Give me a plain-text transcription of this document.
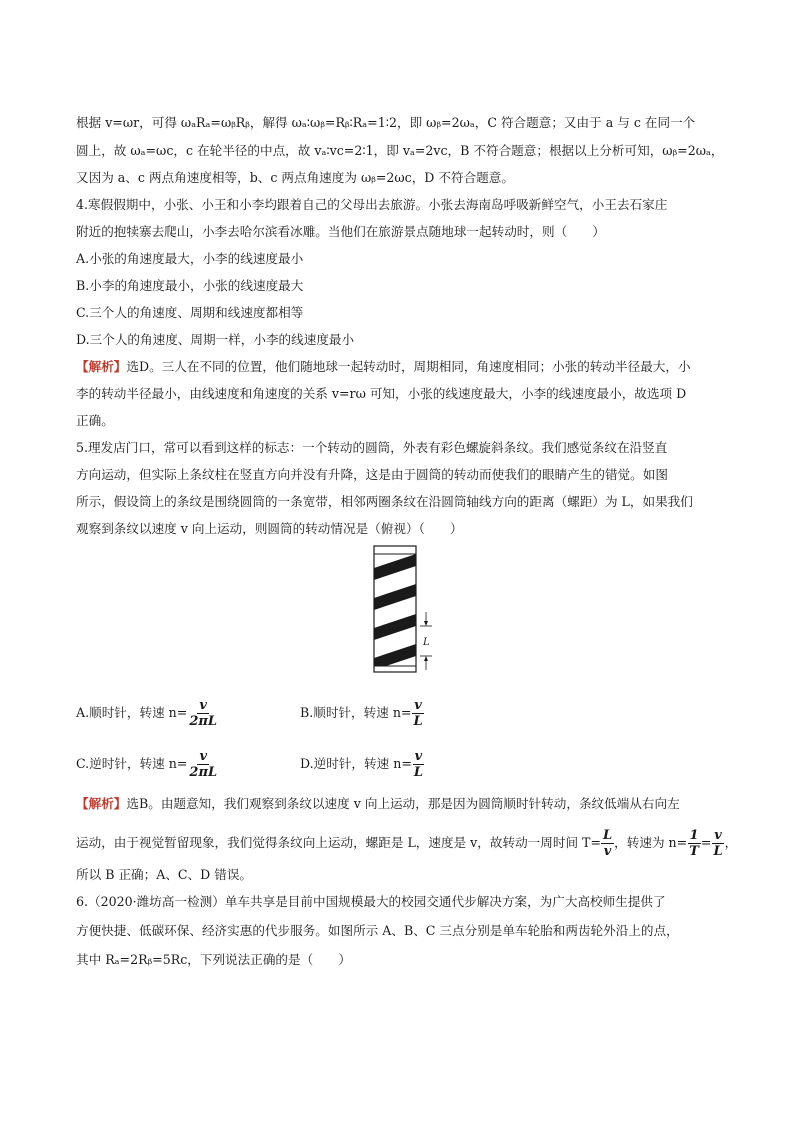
根据 v=ωr，可得 ωₐRₐ=ωᵦRᵦ，解得 ωₐ∶ωᵦ=Rᵦ∶Rₐ=1∶2，即 ωᵦ=2ωₐ，C 符合题意；又由于 a 与 c 在同一个
圆上，故 ωₐ=ωc，c 在轮半径的中点，故 vₐ∶vc=2∶1，即 vₐ=2vc，B 不符合题意；根据以上分析可知，ωᵦ=2ωₐ，
又因为 a、c 两点角速度相等，b、c 两点角速度为 ωᵦ=2ωc，D 不符合题意。
4.寒假假期中，小张、小王和小李均跟着自己的父母出去旅游。小张去海南岛呼吸新鲜空气，小王去石家庄
附近的抱犊寨去爬山，小李去哈尔滨看冰雕。当他们在旅游景点随地球一起转动时，则（　　）
A.小张的角速度最大，小李的线速度最小
B.小李的角速度最小，小张的线速度最大
C.三个人的角速度、周期和线速度都相等
D.三个人的角速度、周期一样，小李的线速度最小
【解析】选D。三人在不同的位置，他们随地球一起转动时，周期相同，角速度相同；小张的转动半径最大，小
李的转动半径最小，由线速度和角速度的关系 v=rω 可知，小张的线速度最大，小李的线速度最小，故选项 D
正确。
5.理发店门口，常可以看到这样的标志：一个转动的圆筒，外表有彩色螺旋斜条纹。我们感觉条纹在沿竖直
方向运动，但实际上条纹柱在竖直方向并没有升降，这是由于圆筒的转动而使我们的眼睛产生的错觉。如图
所示，假设筒上的条纹是围绕圆筒的一条宽带，相邻两圈条纹在沿圆筒轴线方向的距离（螺距）为 L，如果我们
观察到条纹以速度 v 向上运动，则圆筒的转动情况是（俯视）（　　）
L
A.顺时针，转速 $n= \frac{v}{2\pi L}$	B.顺时针，转速 $n= \frac{v}{L}$
C.逆时针，转速 $n= \frac{v}{2\pi L}$	D.逆时针，转速 $n= \frac{v}{L}$
【解析】选B。由题意知，我们观察到条纹以速度 v 向上运动，那是因为圆筒顺时针转动，条纹低端从右向左
运动，由于视觉暂留现象，我们觉得条纹向上运动，螺距是 L，速度是 v，故转动一周时间 $T= \frac{L}{v}$ ，转速为 $n= \frac{1}{T} = \frac{v}{L}$ ，
所以 B 正确；A、C、D 错误。
6.（2020·潍坊高一检测）单车共享是目前中国规模最大的校园交通代步解决方案，为广大高校师生提供了
方便快捷、低碳环保、经济实惠的代步服务。如图所示 A、B、C 三点分别是单车轮胎和两齿轮外沿上的点，
其中 Rₐ=2Rᵦ=5Rc，下列说法正确的是（　　）
